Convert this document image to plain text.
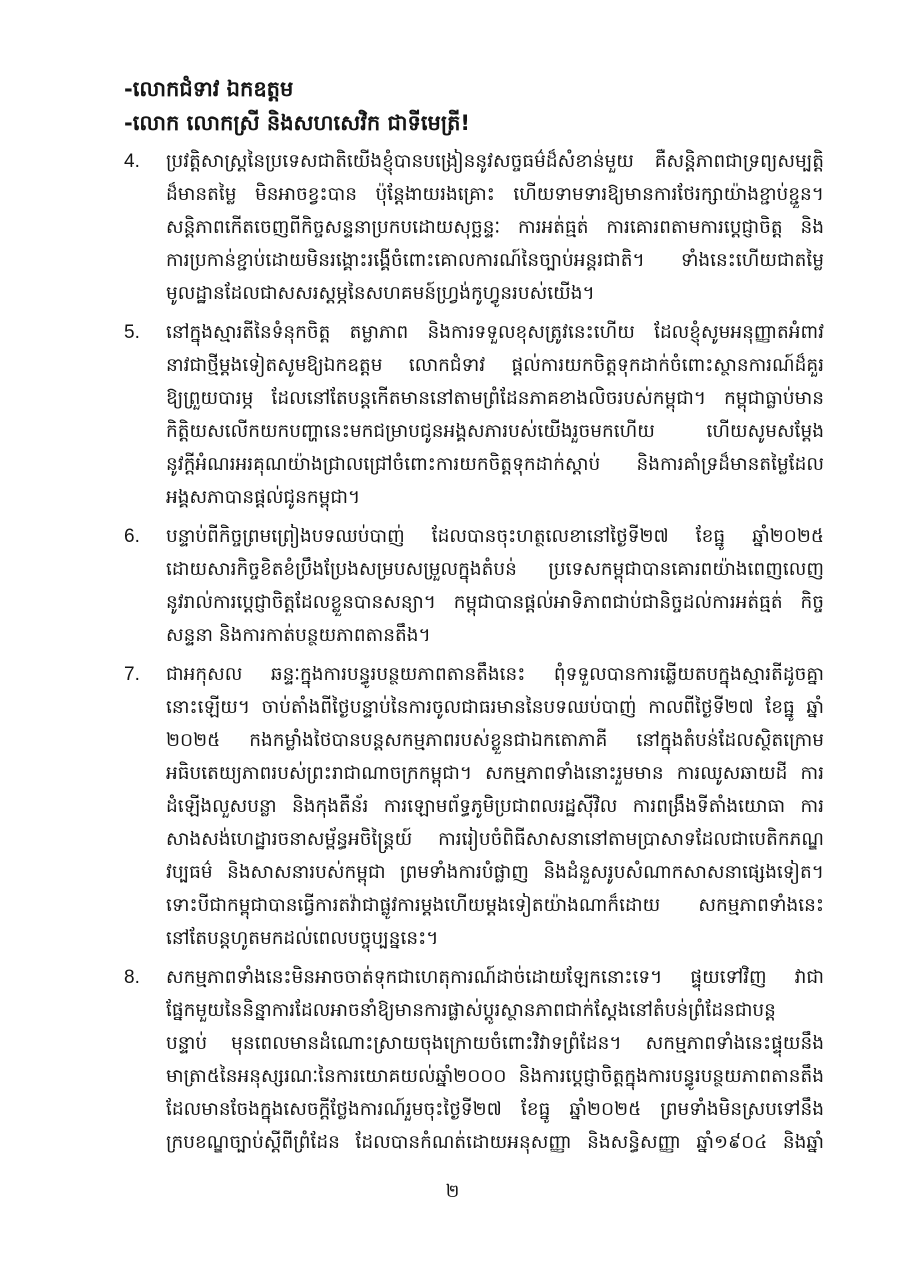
-លោកជំទាវ ឯកឧត្តម
-លោក លោកស្រី និងសហសេវិក ជាទីមេត្រី!
4. ប្រវត្តិសាស្ត្រនៃប្រទេសជាតិយើងខ្ញុំបានបង្រៀននូវសច្ចធម៌ដ៏សំខាន់មួយ គឺសន្តិភាពជាទ្រព្យសម្បត្តិ
ដ៏មានតម្លៃ មិនអាចខ្វះបាន ប៉ុន្តែងាយរងគ្រោះ ហើយទាមទារឱ្យមានការថែរក្សាយ៉ាងខ្ជាប់ខ្ជួន។
សន្តិភាពកើតចេញពីកិច្ចសន្ទនាប្រកបដោយសុច្ឆន្ទៈ ការអត់ធ្មត់ ការគោរពតាមការប្តេជ្ញាចិត្ត និង
ការប្រកាន់ខ្ជាប់ដោយមិនរង្គោះរង្គើចំពោះគោលការណ៍នៃច្បាប់អន្តរជាតិ។ ទាំងនេះហើយជាតម្លៃ
មូលដ្ឋានដែលជាសសរស្តម្ភនៃសហគមន៍ហ្វ្រង់កូហ្វូនរបស់យើង។
5. នៅក្នុងស្មារតីនៃទំនុកចិត្ត តម្លាភាព និងការទទួលខុសត្រូវនេះហើយ ដែលខ្ញុំសូមអនុញ្ញាតអំពាវ
នាវជាថ្មីម្តងទៀតសូមឱ្យឯកឧត្តម លោកជំទាវ ផ្តល់ការយកចិត្តទុកដាក់ចំពោះស្ថានការណ៍ដ៏គួរ
ឱ្យព្រួយបារម្ភ ដែលនៅតែបន្តកើតមាននៅតាមព្រំដែនភាគខាងលិចរបស់កម្ពុជា។ កម្ពុជាធ្លាប់មាន
កិត្តិយសលើកយកបញ្ហានេះមកជម្រាបជូនអង្គសភារបស់យើងរួចមកហើយ ហើយសូមសម្តែង
នូវក្តីអំណរអរគុណយ៉ាងជ្រាលជ្រៅចំពោះការយកចិត្តទុកដាក់ស្តាប់ និងការគាំទ្រដ៏មានតម្លៃដែល
អង្គសភាបានផ្តល់ជូនកម្ពុជា។
6. បន្ទាប់ពីកិច្ចព្រមព្រៀងបទឈប់បាញ់ ដែលបានចុះហត្ថលេខានៅថ្ងៃទី២៧ ខែធ្នូ ឆ្នាំ២០២៥
ដោយសារកិច្ចខិតខំប្រឹងប្រែងសម្របសម្រួលក្នុងតំបន់ ប្រទេសកម្ពុជាបានគោរពយ៉ាងពេញលេញ
នូវរាល់ការប្តេជ្ញាចិត្តដែលខ្លួនបានសន្យា។ កម្ពុជាបានផ្តល់អាទិភាពជាប់ជានិច្ចដល់ការអត់ធ្មត់ កិច្ច
សន្ទនា និងការកាត់បន្ថយភាពតានតឹង។
7. ជាអកុសល ឆន្ទៈក្នុងការបន្ធូរបន្ថយភាពតានតឹងនេះ ពុំទទួលបានការឆ្លើយតបក្នុងស្មារតីដូចគ្នា
នោះឡើយ។ ចាប់តាំងពីថ្ងៃបន្ទាប់នៃការចូលជាធរមាននៃបទឈប់បាញ់ កាលពីថ្ងៃទី២៧ ខែធ្នូ ឆ្នាំ
២០២៥ កងកម្លាំងថៃបានបន្តសកម្មភាពរបស់ខ្លួនជាឯកតោភាគី នៅក្នុងតំបន់ដែលស្ថិតក្រោម
អធិបតេយ្យភាពរបស់ព្រះរាជាណាចក្រកម្ពុជា។ សកម្មភាពទាំងនោះរួមមាន ការឈូសឆាយដី ការ
ដំឡើងលួសបន្លា និងកុងតឺន័រ ការឡោមព័ទ្ធភូមិប្រជាពលរដ្ឋស៊ីវិល ការពង្រឹងទីតាំងយោធា ការ
សាងសង់ហេដ្ឋារចនាសម្ព័ន្ធអចិន្ត្រៃយ៍ ការរៀបចំពិធីសាសនានៅតាមប្រាសាទដែលជាបេតិកភណ្ឌ
វប្បធម៌ និងសាសនារបស់កម្ពុជា ព្រមទាំងការបំផ្លាញ និងដំនួសរូបសំណាកសាសនាផ្សេងទៀត។
ទោះបីជាកម្ពុជាបានធ្វើការតវ៉ាជាផ្លូវការម្តងហើយម្តងទៀតយ៉ាងណាក៏ដោយ សកម្មភាពទាំងនេះ
នៅតែបន្តហូតមកដល់ពេលបច្ចុប្បន្ននេះ។
8. សកម្មភាពទាំងនេះមិនអាចចាត់ទុកជាហេតុការណ៍ដាច់ដោយឡែកនោះទេ។ ផ្ទុយទៅវិញ វាជា
ផ្នែកមួយនៃនិន្នាការដែលអាចនាំឱ្យមានការផ្លាស់ប្តូរស្ថានភាពជាក់ស្តែងនៅតំបន់ព្រំដែនជាបន្ត
បន្ទាប់ មុនពេលមានដំណោះស្រាយចុងក្រោយចំពោះវិវាទព្រំដែន។ សកម្មភាពទាំងនេះផ្ទុយនឹង
មាត្រា៥នៃអនុស្សរណៈនៃការយោគយល់ឆ្នាំ២០០០ និងការប្តេជ្ញាចិត្តក្នុងការបន្ធូរបន្ថយភាពតានតឹង
ដែលមានចែងក្នុងសេចក្តីថ្លែងការណ៍រួមចុះថ្ងៃទី២៧ ខែធ្នូ ឆ្នាំ២០២៥ ព្រមទាំងមិនស្របទៅនឹង
ក្របខណ្ឌច្បាប់ស្តីពីព្រំដែន ដែលបានកំណត់ដោយអនុសញ្ញា និងសន្ធិសញ្ញា ឆ្នាំ១៩០៤ និងឆ្នាំ
២
